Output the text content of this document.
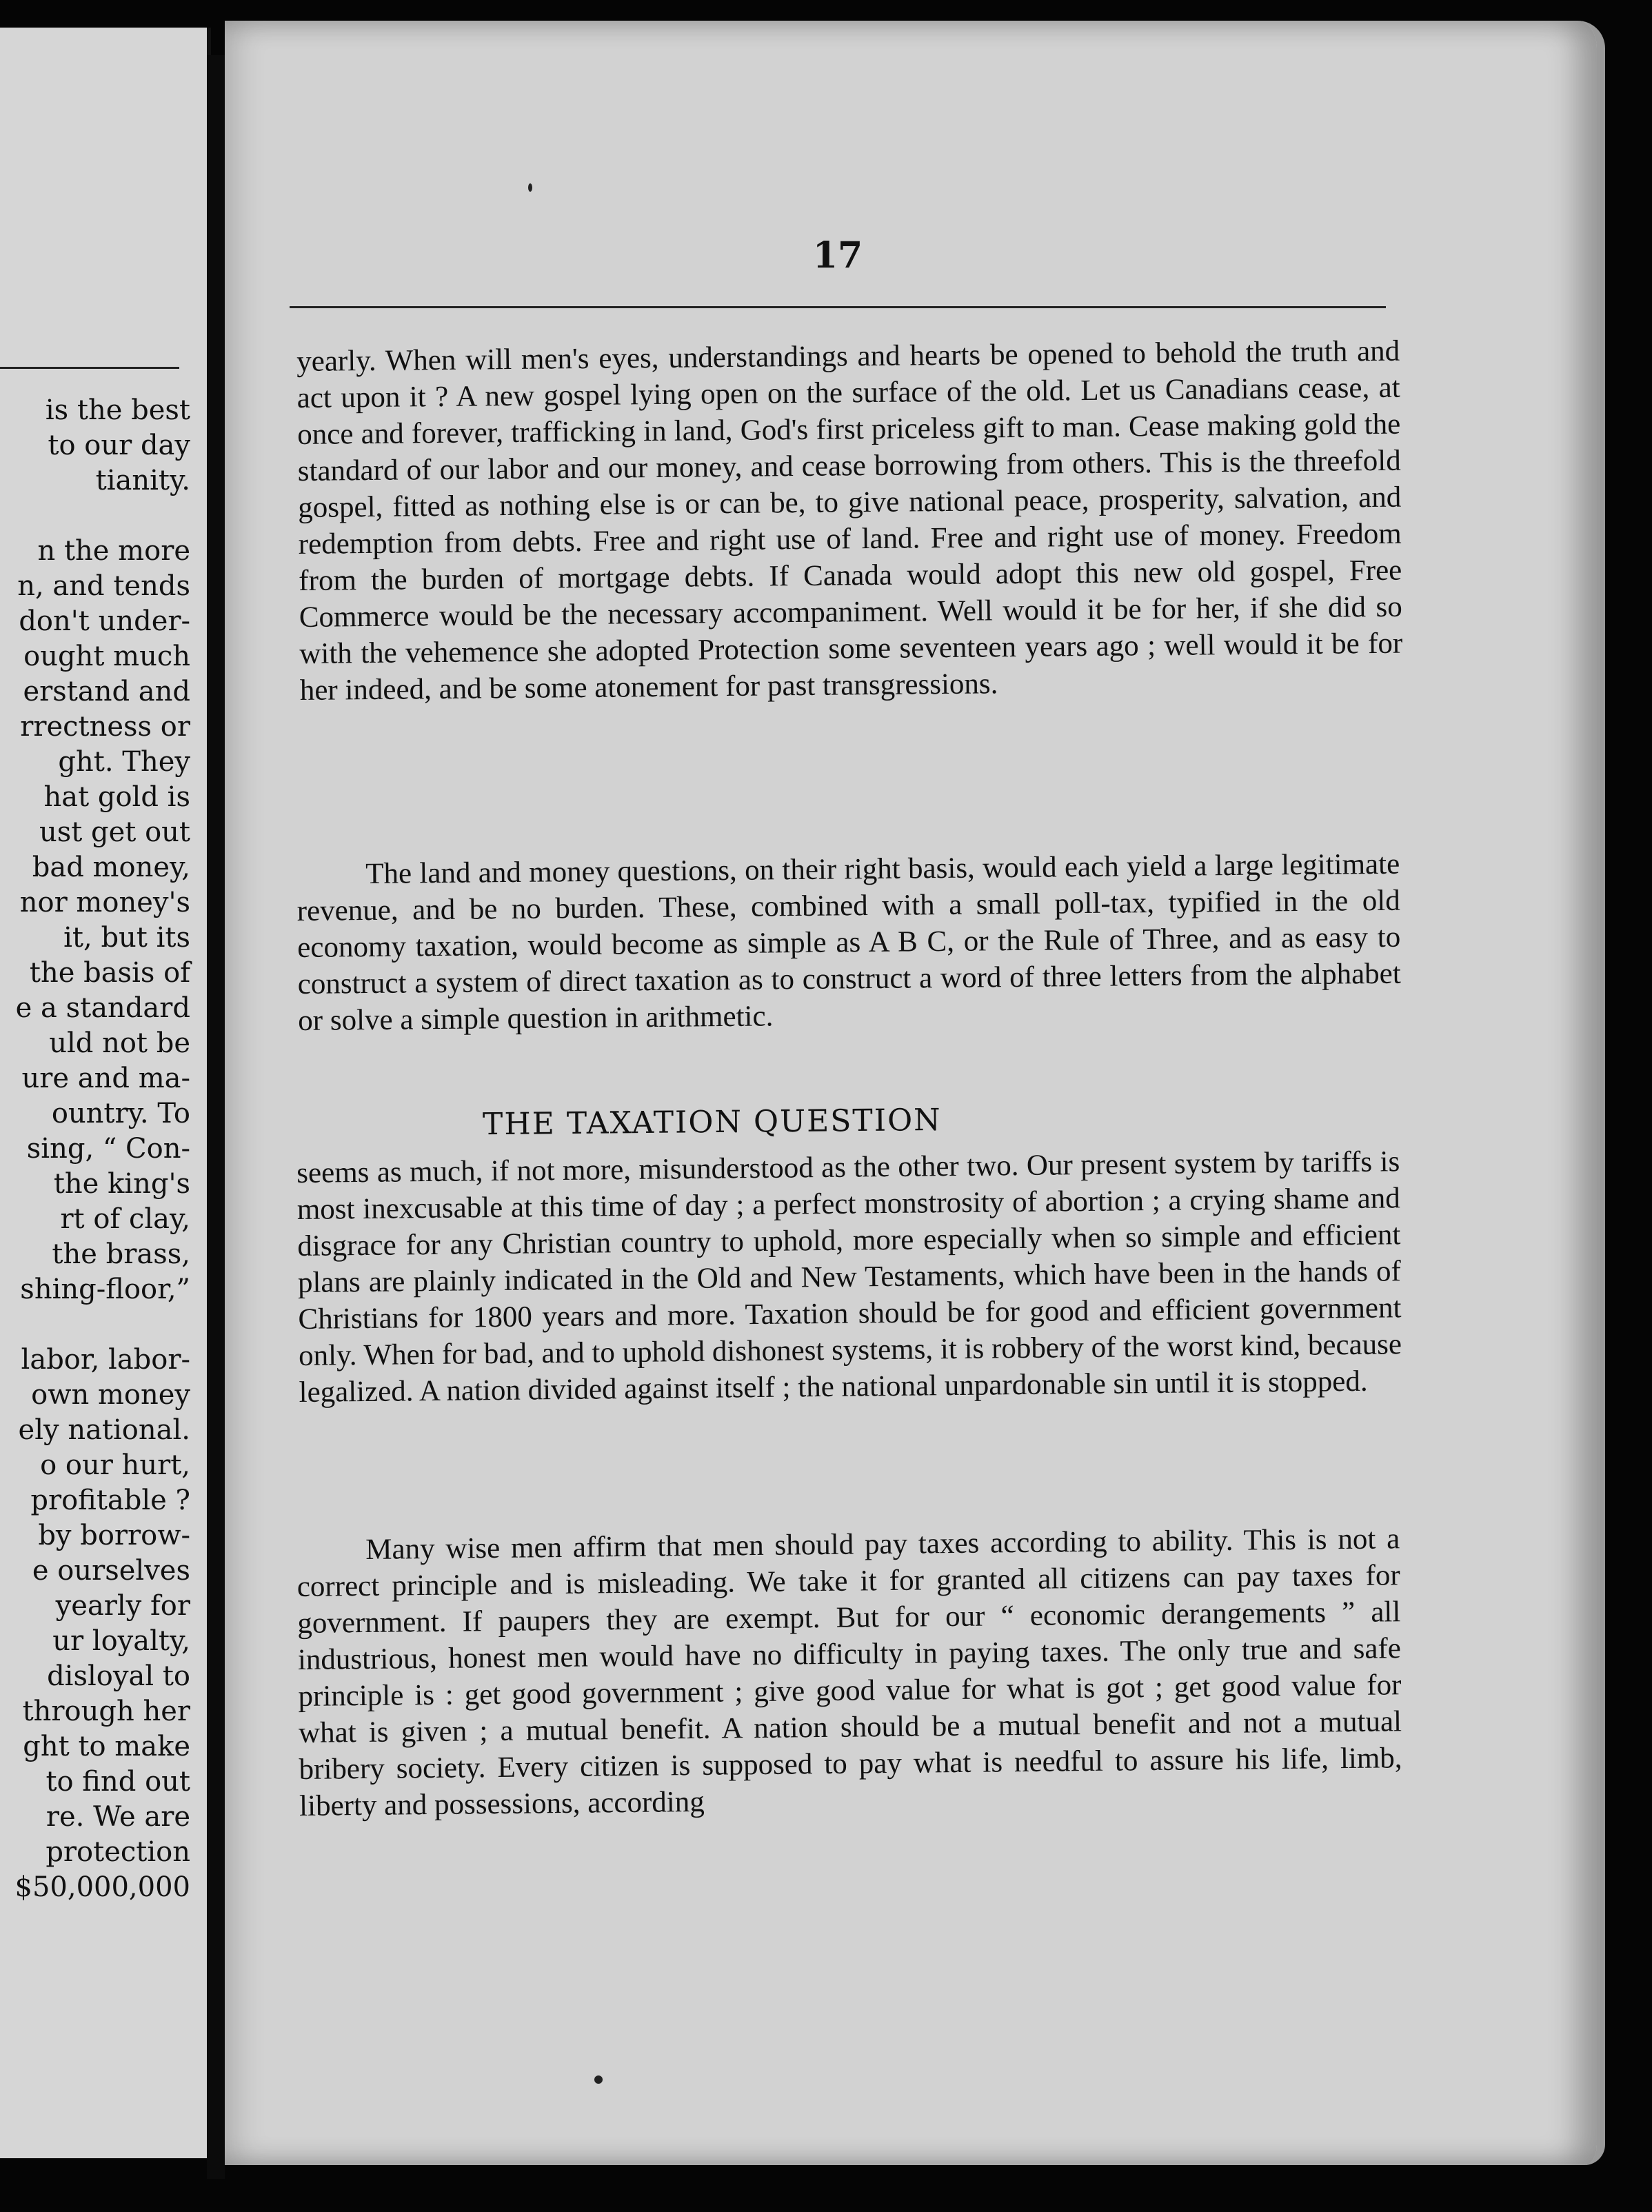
is the best
to our day
tianity.
n the more
n, and tends
don't under-
ought much
erstand and
rrectness or
ght. They
hat gold is
ust get out
bad money,
nor money's
it, but its
the basis of
e a standard
uld not be
ure and ma-
ountry. To
sing, “ Con-
the king's
rt of clay,
the brass,
shing-floor,”
labor, labor-
own money
ely national.
o our hurt,
profitable ?
by borrow-
e ourselves
yearly for
ur loyalty,
disloyal to
through her
ght to make
to find out
re. We are
protection
$50,000,000
17
yearly. When will men's eyes, understandings and hearts be opened to behold the truth and act upon it ? A new gospel lying open on the surface of the old. Let us Canadians cease, at once and forever, trafficking in land, God's first priceless gift to man. Cease making gold the standard of our labor and our money, and cease borrowing from others. This is the threefold gospel, fitted as nothing else is or can be, to give national peace, prosperity, salvation, and redemption from debts. Free and right use of land. Free and right use of money. Freedom from the burden of mortgage debts. If Canada would adopt this new old gospel, Free Commerce would be the necessary accompaniment. Well would it be for her, if she did so with the vehemence she adopted Protection some seventeen years ago ; well would it be for her indeed, and be some atonement for past transgressions.
The land and money questions, on their right basis, would each yield a large legitimate revenue, and be no burden. These, combined with a small poll-tax, typified in the old economy taxation, would become as simple as A B C, or the Rule of Three, and as easy to construct a system of direct taxation as to construct a word of three letters from the alphabet or solve a simple question in arithmetic.
THE TAXATION QUESTION
seems as much, if not more, misunderstood as the other two. Our present system by tariffs is most inexcusable at this time of day ; a perfect monstrosity of abortion ; a crying shame and disgrace for any Christian country to uphold, more especially when so simple and efficient plans are plainly indicated in the Old and New Testaments, which have been in the hands of Christians for 1800 years and more. Taxation should be for good and efficient government only. When for bad, and to uphold dishonest systems, it is robbery of the worst kind, because legalized. A nation divided against itself ; the national unpardonable sin until it is stopped.
Many wise men affirm that men should pay taxes according to ability. This is not a correct principle and is misleading. We take it for granted all citizens can pay taxes for government. If paupers they are exempt. But for our “ economic derangements ” all industrious, honest men would have no difficulty in paying taxes. The only true and safe principle is : get good government ; give good value for what is got ; get good value for what is given ; a mutual benefit. A nation should be a mutual benefit and not a mutual bribery society. Every citizen is supposed to pay what is needful to assure his life, limb, liberty and possessions, according
